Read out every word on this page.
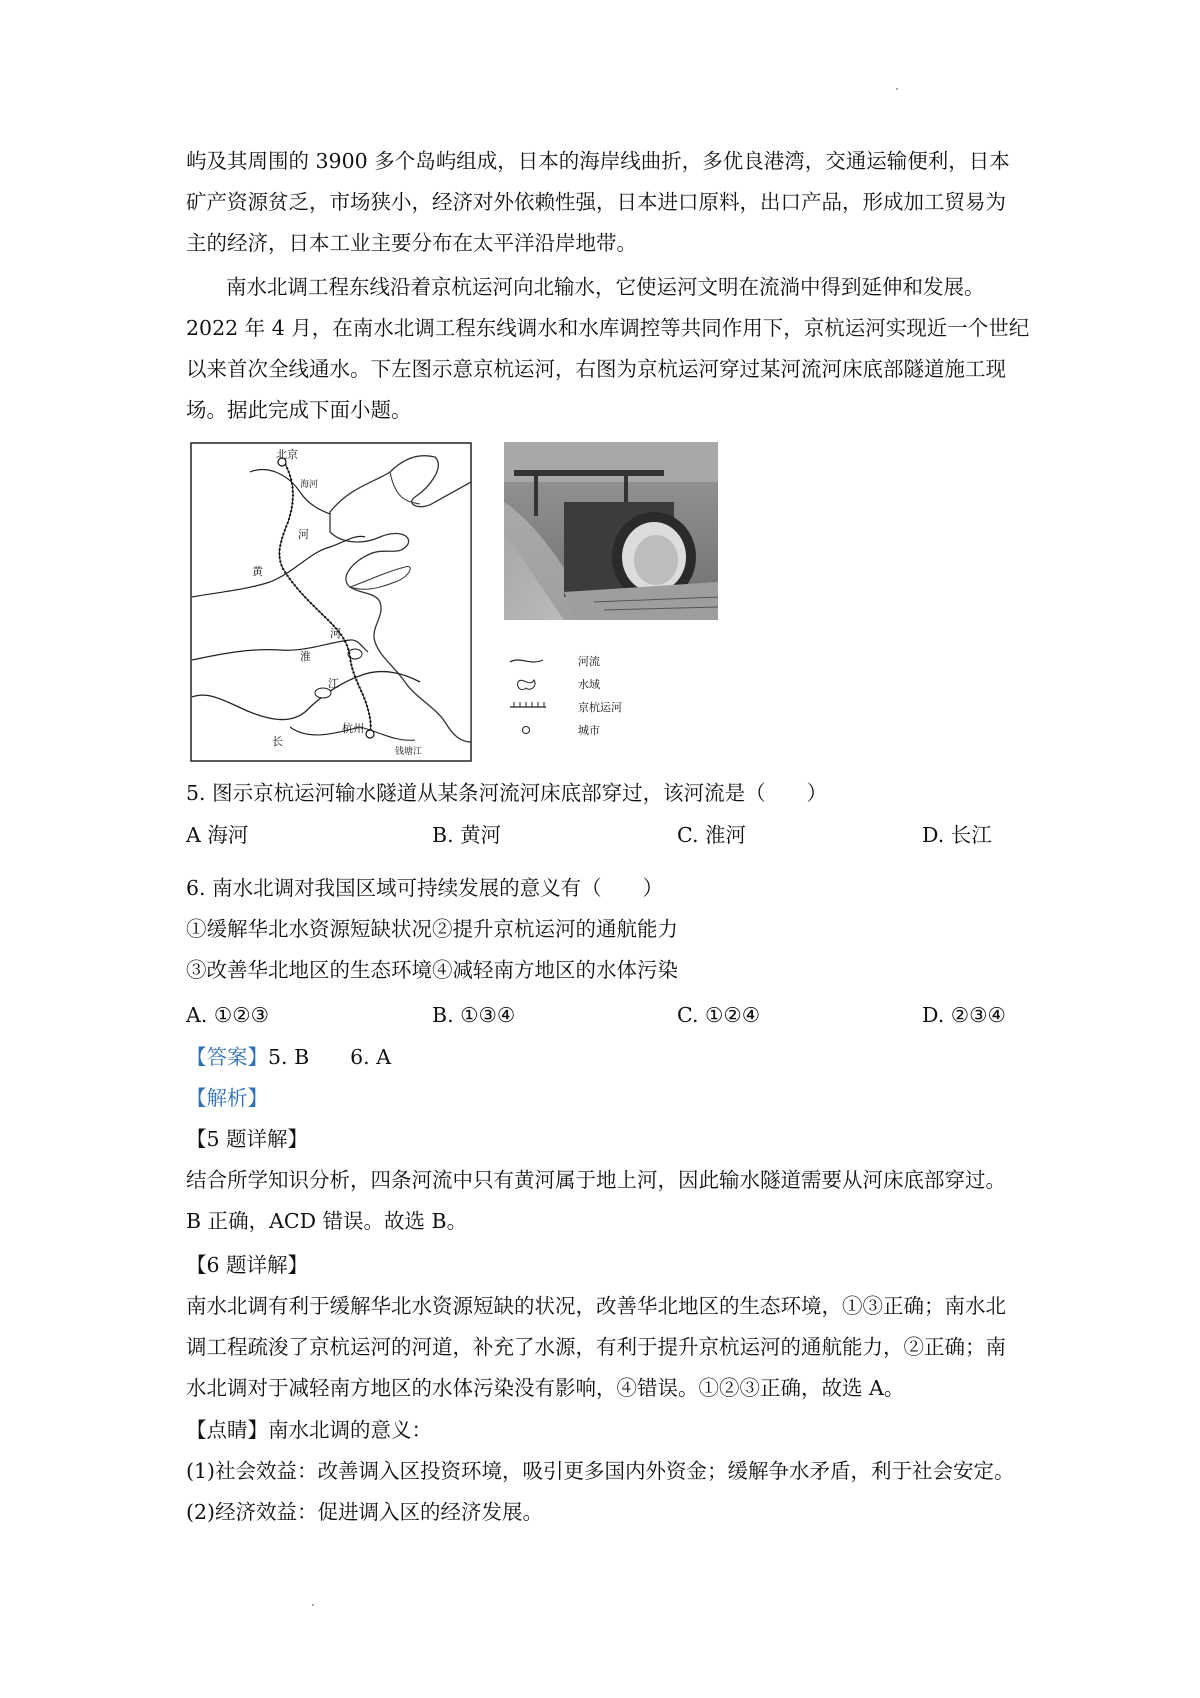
屿及其周围的 3900 多个岛屿组成，日本的海岸线曲折，多优良港湾，交通运输便利，日本
矿产资源贫乏，市场狭小，经济对外依赖性强，日本进口原料，出口产品，形成加工贸易为
主的经济，日本工业主要分布在太平洋沿岸地带。
南水北调工程东线沿着京杭运河向北输水，它使运河文明在流淌中得到延伸和发展。
2022 年 4 月，在南水北调工程东线调水和水库调控等共同作用下，京杭运河实现近一个世纪
以来首次全线通水。下左图示意京杭运河，右图为京杭运河穿过某河流河床底部隧道施工现
场。据此完成下面小题。
北京
海河
河
黄
淮
河
江
长
杭州
钱塘江
河流
水域
京杭运河
城市
5. 图示京杭运河输水隧道从某条河流河床底部穿过，该河流是（　　）
A 海河	B. 黄河	C. 淮河	D. 长江
6. 南水北调对我国区域可持续发展的意义有（　　）
①缓解华北水资源短缺状况②提升京杭运河的通航能力
③改善华北地区的生态环境④减轻南方地区的水体污染
A. ①②③	B. ①③④	C. ①②④	D. ②③④
【答案】5. B　　6. A
【解析】
【5 题详解】
结合所学知识分析，四条河流中只有黄河属于地上河，因此输水隧道需要从河床底部穿过。
B 正确，ACD 错误。故选 B。
【6 题详解】
南水北调有利于缓解华北水资源短缺的状况，改善华北地区的生态环境，①③正确；南水北
调工程疏浚了京杭运河的河道，补充了水源，有利于提升京杭运河的通航能力，②正确；南
水北调对于减轻南方地区的水体污染没有影响，④错误。①②③正确，故选 A。
【点睛】南水北调的意义：
(1)社会效益：改善调入区投资环境，吸引更多国内外资金；缓解争水矛盾，利于社会安定。
(2)经济效益：促进调入区的经济发展。
